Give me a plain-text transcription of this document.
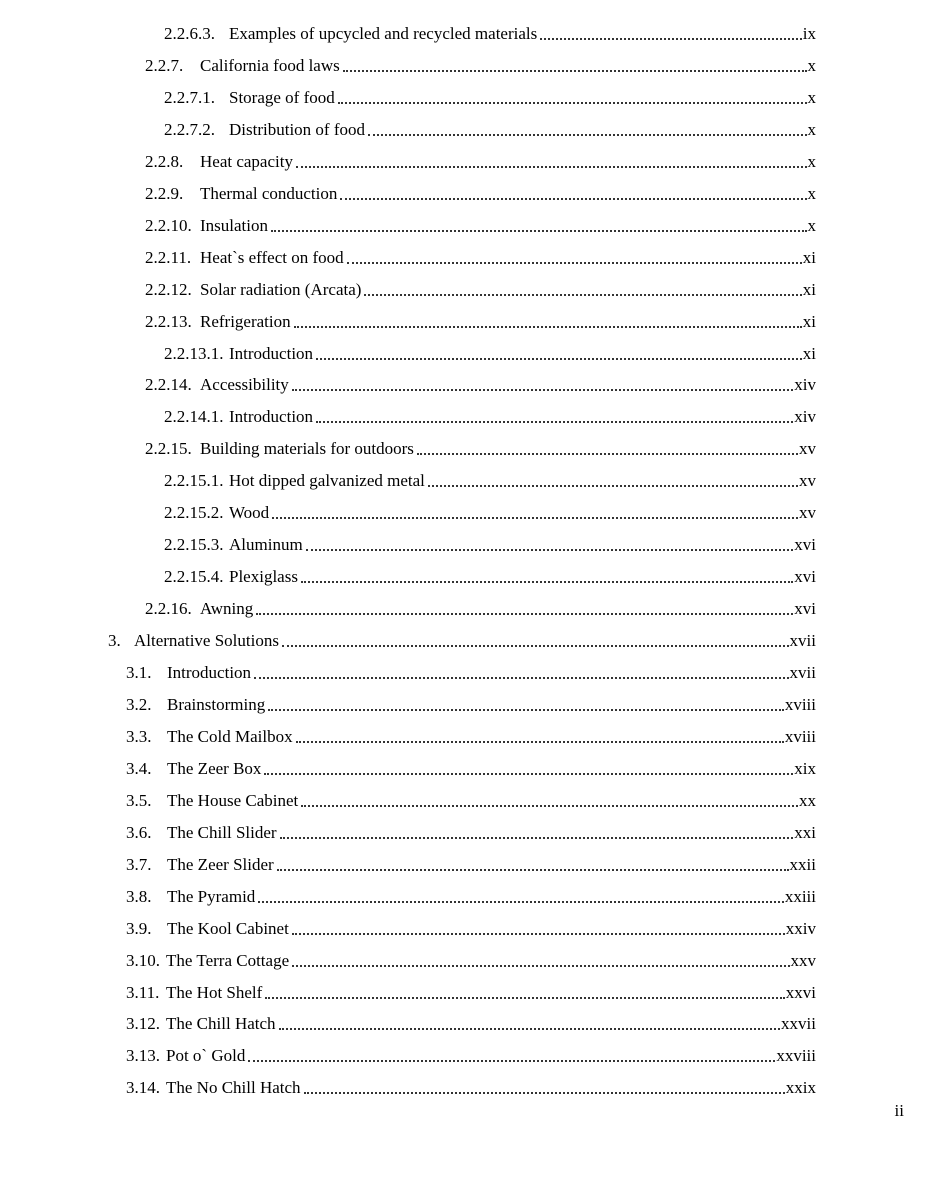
2.2.6.3. Examples of upcycled and recycled materials	ix
2.2.7. California food laws	x
2.2.7.1. Storage of food	x
2.2.7.2. Distribution of food	x
2.2.8. Heat capacity	x
2.2.9. Thermal conduction	x
2.2.10. Insulation	x
2.2.11. Heat`s effect on food	xi
2.2.12. Solar radiation (Arcata)	xi
2.2.13. Refrigeration	xi
2.2.13.1. Introduction	xi
2.2.14. Accessibility	xiv
2.2.14.1. Introduction	xiv
2.2.15. Building materials for outdoors	xv
2.2.15.1. Hot dipped galvanized metal	xv
2.2.15.2. Wood	xv
2.2.15.3. Aluminum	xvi
2.2.15.4. Plexiglass	xvi
2.2.16. Awning	xvi
3. Alternative Solutions	xvii
3.1. Introduction	xvii
3.2. Brainstorming	xviii
3.3. The Cold Mailbox	xviii
3.4. The Zeer Box	xix
3.5. The House Cabinet	xx
3.6. The Chill Slider	xxi
3.7. The Zeer Slider	xxii
3.8. The Pyramid	xxiii
3.9. The Kool Cabinet	xxiv
3.10. The Terra Cottage	xxv
3.11. The Hot Shelf	xxvi
3.12. The Chill Hatch	xxvii
3.13. Pot o` Gold	xxviii
3.14. The No Chill Hatch	xxix
ii
